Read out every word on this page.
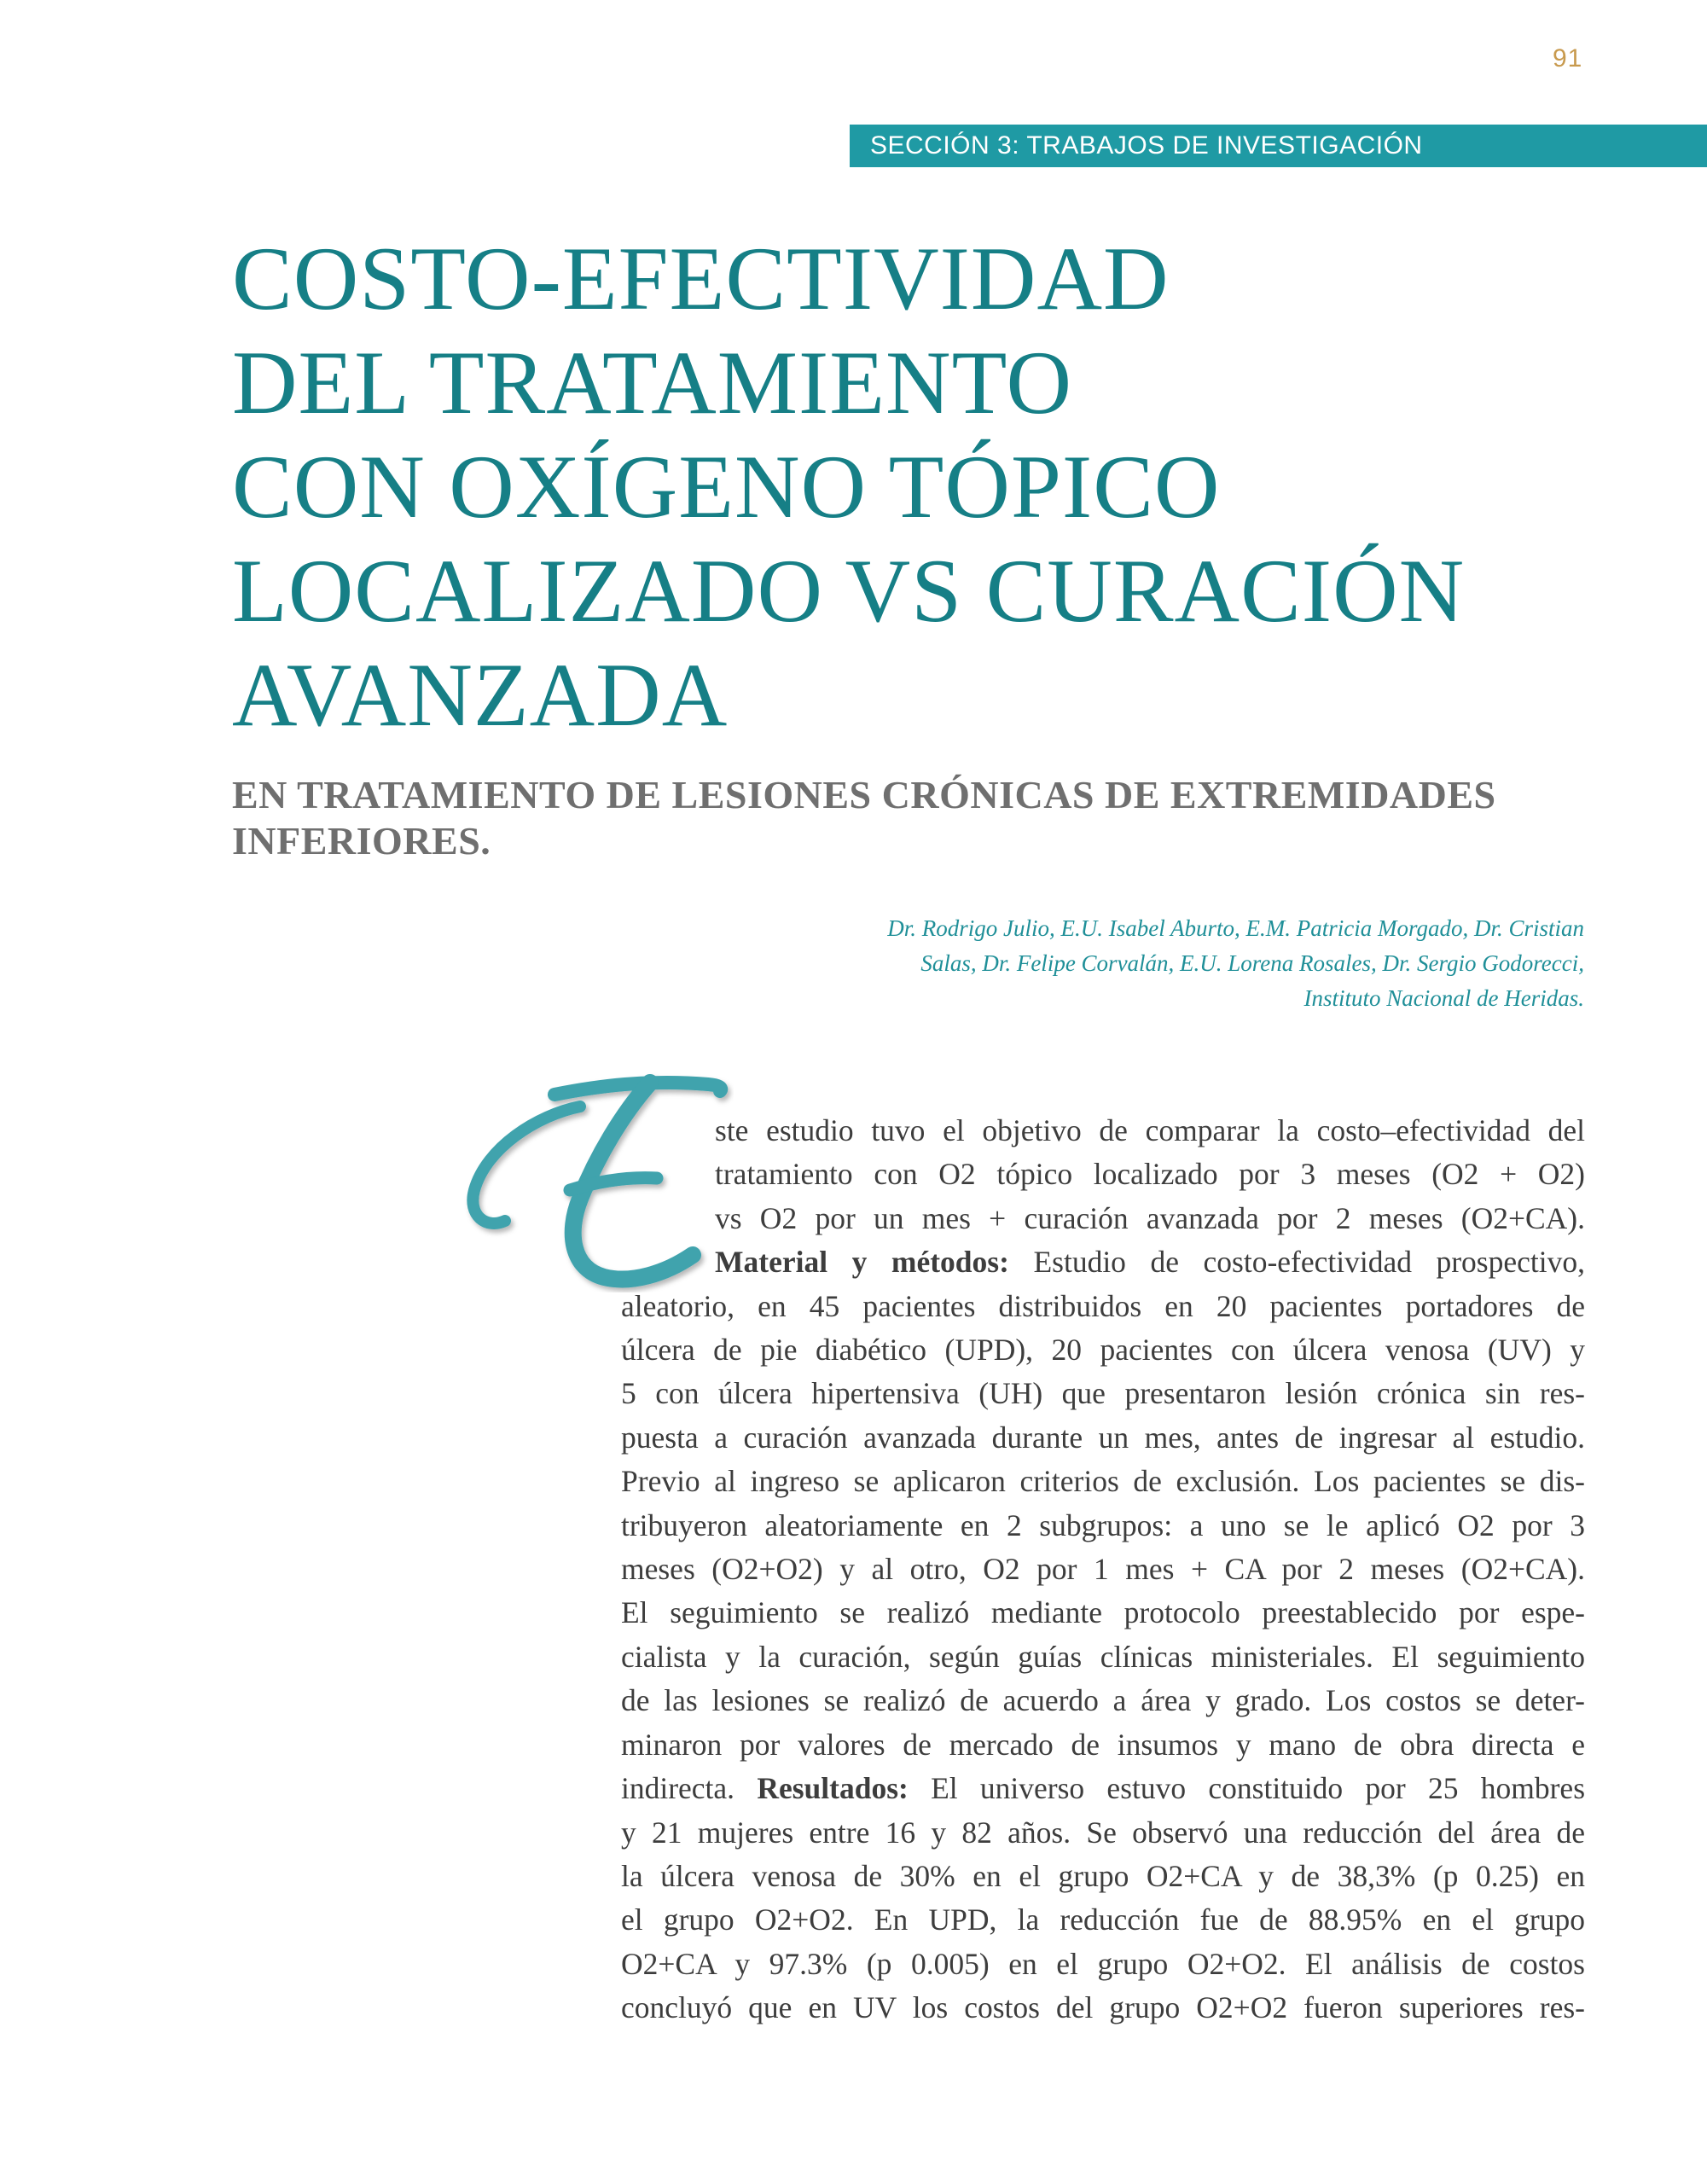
91
SECCIÓN 3: TRABAJOS DE INVESTIGACIÓN
COSTO-EFECTIVIDAD
DEL TRATAMIENTO
CON OXÍGENO TÓPICO
LOCALIZADO VS CURACIÓN
AVANZADA
EN TRATAMIENTO DE LESIONES CRÓNICAS DE EXTREMIDADES
INFERIORES.
Dr. Rodrigo Julio, E.U. Isabel Aburto, E.M. Patricia Morgado, Dr. Cristian
Salas, Dr. Felipe Corvalán, E.U. Lorena Rosales, Dr. Sergio Godorecci,
Instituto Nacional de Heridas.
ste estudio tuvo el objetivo de comparar la costo–efectividad del
tratamiento con O2 tópico localizado por 3 meses (O2 + O2)
vs O2 por un mes + curación avanzada por 2 meses (O2+CA).
Material y métodos: Estudio de costo-efectividad prospectivo,
aleatorio, en 45 pacientes distribuidos en 20 pacientes portadores de
úlcera de pie diabético (UPD), 20 pacientes con úlcera venosa (UV) y
5 con úlcera hipertensiva (UH) que presentaron lesión crónica sin res-
puesta a curación avanzada durante un mes, antes de ingresar al estudio.
Previo al ingreso se aplicaron criterios de exclusión. Los pacientes se dis-
tribuyeron aleatoriamente en 2 subgrupos: a uno se le aplicó O2 por 3
meses (O2+O2) y al otro, O2 por 1 mes + CA por 2 meses (O2+CA).
El seguimiento se realizó mediante protocolo preestablecido por espe-
cialista y la curación, según guías clínicas ministeriales. El seguimiento
de las lesiones se realizó de acuerdo a área y grado. Los costos se deter-
minaron por valores de mercado de insumos y mano de obra directa e
indirecta. Resultados: El universo estuvo constituido por 25 hombres
y 21 mujeres entre 16 y 82 años. Se observó una reducción del área de
la úlcera venosa de 30% en el grupo O2+CA y de 38,3% (p 0.25) en
el grupo O2+O2. En UPD, la reducción fue de 88.95% en el grupo
O2+CA y 97.3% (p 0.005) en el grupo O2+O2. El análisis de costos
concluyó que en UV los costos del grupo O2+O2 fueron superiores res-
